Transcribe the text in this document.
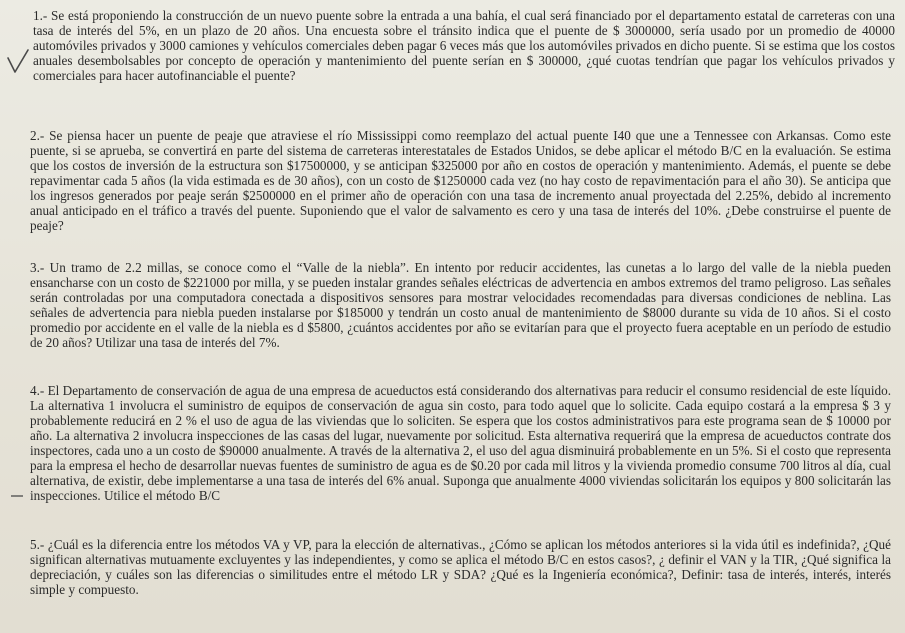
1.- Se está proponiendo la construcción de un nuevo puente sobre la entrada a una bahía, el cual será financiado por el departamento estatal de carreteras con una tasa de interés del 5%, en un plazo de 20 años. Una encuesta sobre el tránsito indica que el puente de $ 3000000, sería usado por un promedio de 40000 automóviles privados y 3000 camiones y vehículos comerciales deben pagar 6 veces más que los automóviles privados en dicho puente. Si se estima que los costos anuales desembolsables por concepto de operación y mantenimiento del puente serían en $ 300000, ¿qué cuotas tendrían que pagar los vehículos privados y comerciales para hacer autofinanciable el puente?

2.- Se piensa hacer un puente de peaje que atraviese el río Mississippi como reemplazo del actual puente I40 que une a Tennessee con Arkansas. Como este puente, si se aprueba, se convertirá en parte del sistema de carreteras interestatales de Estados Unidos, se debe aplicar el método B/C en la evaluación. Se estima que los costos de inversión de la estructura son $17500000, y se anticipan $325000 por año en costos de operación y mantenimiento. Además, el puente se debe repavimentar cada 5 años (la vida estimada es de 30 años), con un costo de $1250000 cada vez (no hay costo de repavimentación para el año 30). Se anticipa que los ingresos generados por peaje serán $2500000 en el primer año de operación con una tasa de incremento anual proyectada del 2.25%, debido al incremento anual anticipado en el tráfico a través del puente. Suponiendo que el valor de salvamento es cero y una tasa de interés del 10%. ¿Debe construirse el puente de peaje?

3.- Un tramo de 2.2 millas, se conoce como el “Valle de la niebla”. En intento por reducir accidentes, las cunetas a lo largo del valle de la niebla pueden ensancharse con un costo de $221000 por milla, y se pueden instalar grandes señales eléctricas de advertencia en ambos extremos del tramo peligroso. Las señales serán controladas por una computadora conectada a dispositivos sensores para mostrar velocidades recomendadas para diversas condiciones de neblina. Las señales de advertencia para niebla pueden instalarse por $185000 y tendrán un costo anual de mantenimiento de $8000 durante su vida de 10 años. Si el costo promedio por accidente en el valle de la niebla es d $5800, ¿cuántos accidentes por año se evitarían para que el proyecto fuera aceptable en un período de estudio de 20 años? Utilizar una tasa de interés del 7%.

4.- El Departamento de conservación de agua de una empresa de acueductos está considerando dos alternativas para reducir el consumo residencial de este líquido. La alternativa 1 involucra el suministro de equipos de conservación de agua sin costo, para todo aquel que lo solicite. Cada equipo costará a la empresa $ 3 y probablemente reducirá en 2 % el uso de agua de las viviendas que lo soliciten. Se espera que los costos administrativos para este programa sean de $ 10000 por año. La alternativa 2 involucra inspecciones de las casas del lugar, nuevamente por solicitud. Esta alternativa requerirá que la empresa de acueductos contrate dos inspectores, cada uno a un costo de $90000 anualmente. A través de la alternativa 2, el uso del agua disminuirá probablemente en un 5%. Si el costo que representa para la empresa el hecho de desarrollar nuevas fuentes de suministro de agua es de $0.20 por cada mil litros y la vivienda promedio consume 700 litros al día, cual alternativa, de existir, debe implementarse a una tasa de interés del 6% anual. Suponga que anualmente 4000 viviendas solicitarán los equipos y 800 solicitarán las inspecciones. Utilice el método B/C

5.- ¿Cuál es la diferencia entre los métodos VA y VP, para la elección de alternativas., ¿Cómo se aplican los métodos anteriores si la vida útil es indefinida?, ¿Qué significan alternativas mutuamente excluyentes y las independientes, y como se aplica el método B/C en estos casos?, ¿ definir el VAN y la TIR, ¿Qué significa la depreciación, y cuáles son las diferencias o similitudes entre el método LR y SDA? ¿Qué es la Ingeniería económica?, Definir: tasa de interés, interés, interés simple y compuesto.
